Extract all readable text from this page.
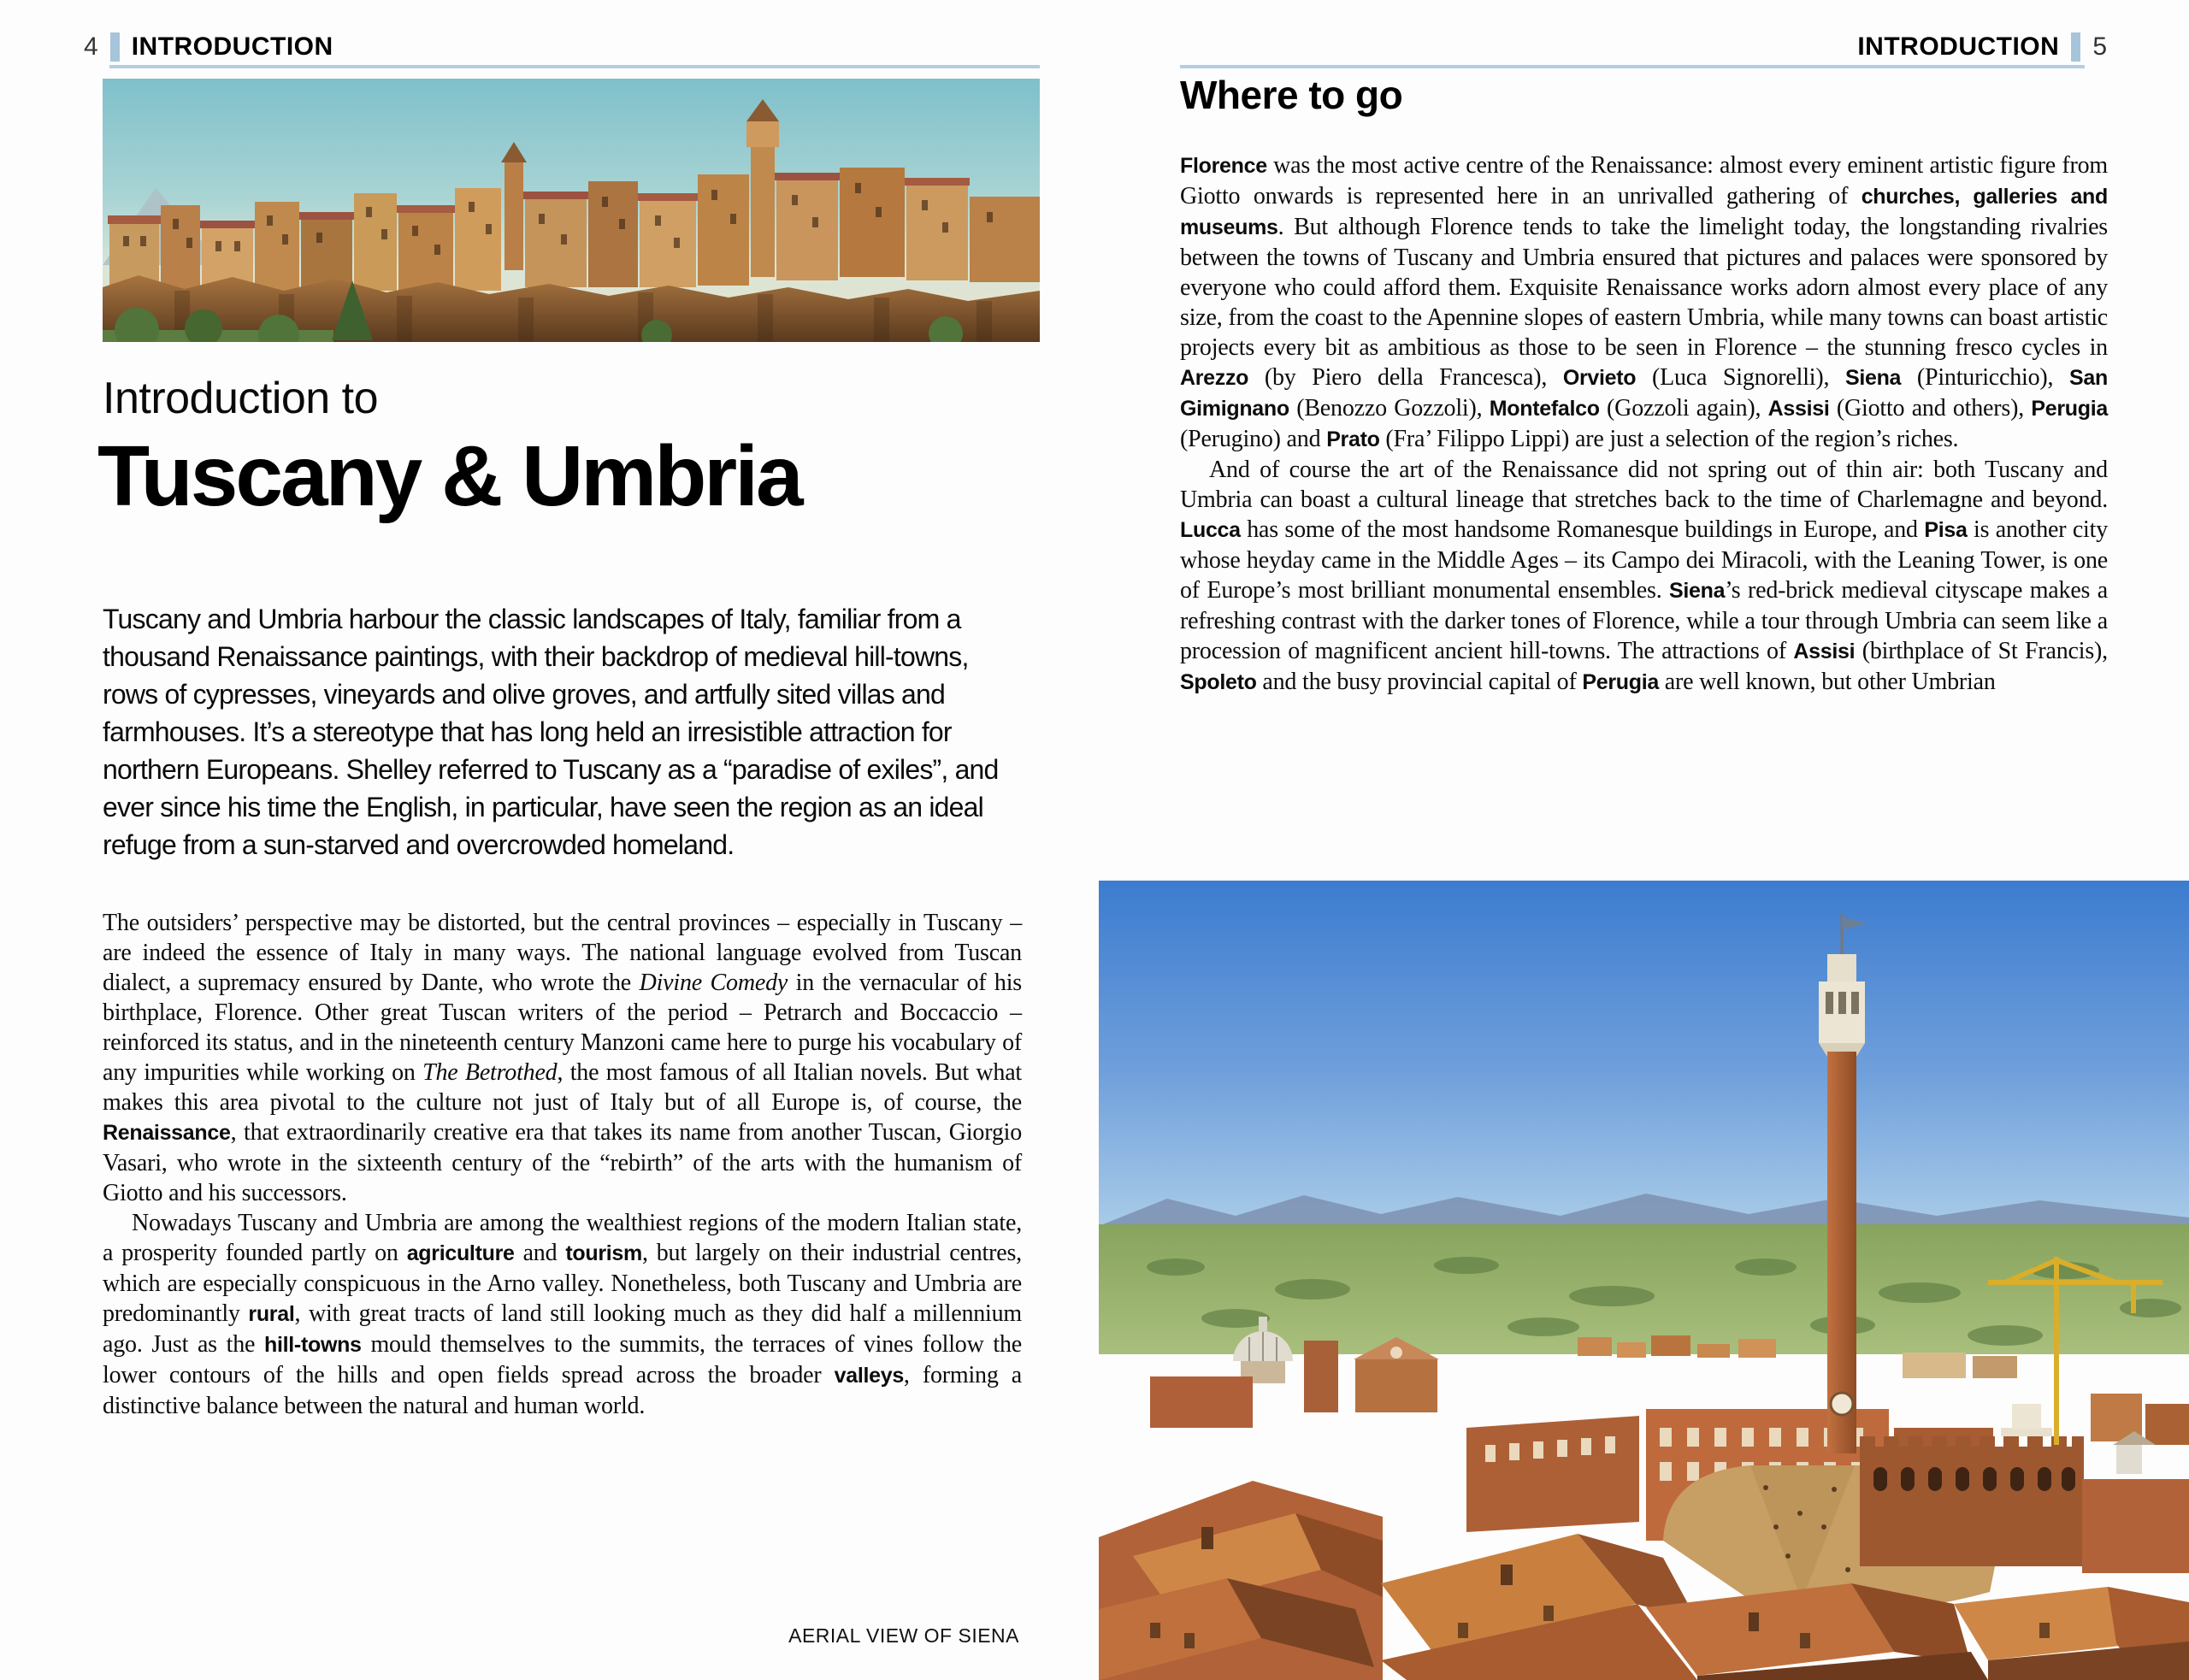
4 INTRODUCTION	INTRODUCTION 5
Introduction to
Tuscany & Umbria

Tuscany and Umbria harbour the classic landscapes of Italy, familiar from a thousand Renaissance paintings, with their backdrop of medieval hill-towns, rows of cypresses, vineyards and olive groves, and artfully sited villas and farmhouses. It’s a stereotype that has long held an irresistible attraction for northern Europeans. Shelley referred to Tuscany as a “paradise of exiles”, and ever since his time the English, in particular, have seen the region as an ideal refuge from a sun-starved and overcrowded homeland.

The outsiders’ perspective may be distorted, but the central provinces – especially in Tuscany – are indeed the essence of Italy in many ways. The national language evolved from Tuscan dialect, a supremacy ensured by Dante, who wrote the Divine Comedy in the vernacular of his birthplace, Florence. Other great Tuscan writers of the period – Petrarch and Boccaccio – reinforced its status, and in the nineteenth century Manzoni came here to purge his vocabulary of any impurities while working on The Betrothed, the most famous of all Italian novels. But what makes this area pivotal to the culture not just of Italy but of all Europe is, of course, the Renaissance, that extraordinarily creative era that takes its name from another Tuscan, Giorgio Vasari, who wrote in the sixteenth century of the “rebirth” of the arts with the humanism of Giotto and his successors.

Nowadays Tuscany and Umbria are among the wealthiest regions of the modern Italian state, a prosperity founded partly on agriculture and tourism, but largely on their industrial centres, which are especially conspicuous in the Arno valley. Nonetheless, both Tuscany and Umbria are predominantly rural, with great tracts of land still looking much as they did half a millennium ago. Just as the hill-towns mould themselves to the summits, the terraces of vines follow the lower contours of the hills and open fields spread across the broader valleys, forming a distinctive balance between the natural and human world.

AERIAL VIEW OF SIENA
Where to go

Florence was the most active centre of the Renaissance: almost every eminent artistic figure from Giotto onwards is represented here in an unrivalled gathering of churches, galleries and museums. But although Florence tends to take the limelight today, the longstanding rivalries between the towns of Tuscany and Umbria ensured that pictures and palaces were sponsored by everyone who could afford them. Exquisite Renaissance works adorn almost every place of any size, from the coast to the Apennine slopes of eastern Umbria, while many towns can boast artistic projects every bit as ambitious as those to be seen in Florence – the stunning fresco cycles in Arezzo (by Piero della Francesca), Orvieto (Luca Signorelli), Siena (Pinturicchio), San Gimignano (Benozzo Gozzoli), Montefalco (Gozzoli again), Assisi (Giotto and others), Perugia (Perugino) and Prato (Fra’ Filippo Lippi) are just a selection of the region’s riches.

And of course the art of the Renaissance did not spring out of thin air: both Tuscany and Umbria can boast a cultural lineage that stretches back to the time of Charlemagne and beyond. Lucca has some of the most handsome Romanesque buildings in Europe, and Pisa is another city whose heyday came in the Middle Ages – its Campo dei Miracoli, with the Leaning Tower, is one of Europe’s most brilliant monumental ensembles. Siena’s red-brick medieval cityscape makes a refreshing contrast with the darker tones of Florence, while a tour through Umbria can seem like a procession of magnificent ancient hill-towns. The attractions of Assisi (birthplace of St Francis), Spoleto and the busy provincial capital of Perugia are well known, but other Umbrian
